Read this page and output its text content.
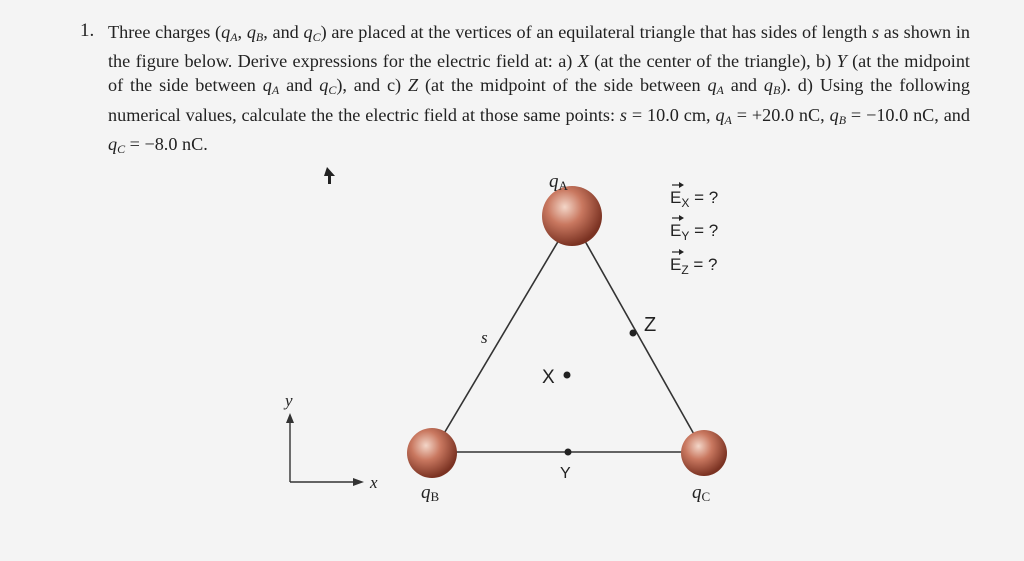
1. Three charges ($q_A$, $q_B$, and $q_C$) are placed at the vertices of an equilateral triangle that has sides of length s as shown in the figure below. Derive expressions for the electric field at: a) X (at the center of the triangle), b) Y (at the midpoint of the side between $q_A$ and $q_C$), and c) Z (at the midpoint of the side between $q_A$ and $q_B$). d) Using the following numerical values, calculate the the electric field at those same points: s = 10.0 cm, $q_A = +20.0$ nC, $q_B = -10.0$ nC, and $q_C = -8.0$ nC.
qA
qB	qC
s
X
Y
Z
y
x
$E_X$ = ?
$E_Y$ = ?
$E_Z$ = ?
